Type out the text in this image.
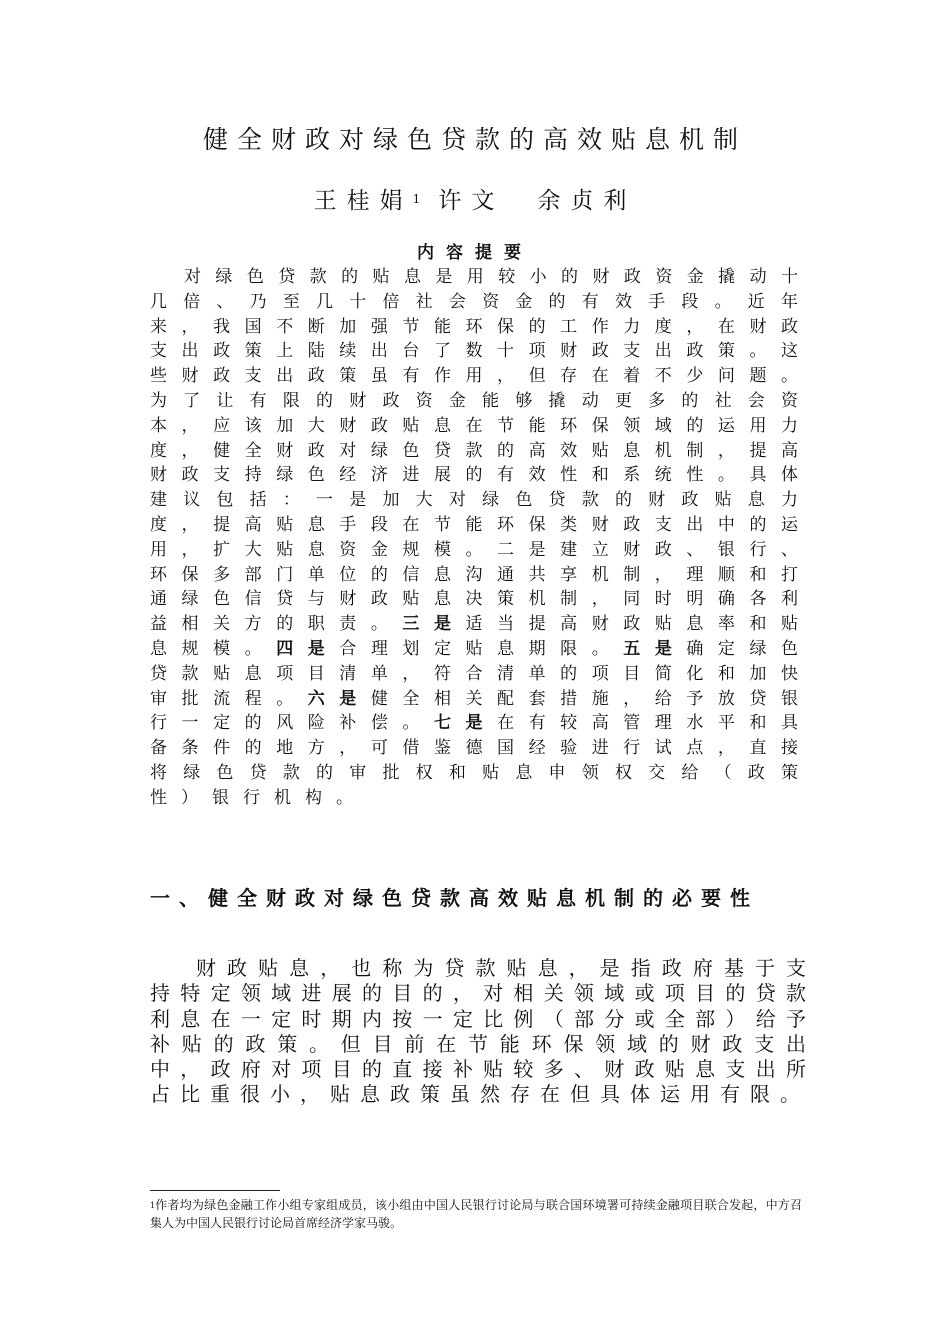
健全财政对绿色贷款的高效贴息机制
王桂娟$^1$ 许文　余贞利
内容提要

对绿色贷款的贴息是用较小的财政资金撬动十几倍、乃至几十倍社会资金的有效手段。近年来，我国不断加强节能环保的工作力度，在财政支出政策上陆续出台了数十项财政支出政策。这些财政支出政策虽有作用，但存在着不少问题。为了让有限的财政资金能够撬动更多的社会资本，应该加大财政贴息在节能环保领域的运用力度，健全财政对绿色贷款的高效贴息机制，提高财政支持绿色经济进展的有效性和系统性。具体建议包括：一是加大对绿色贷款的财政贴息力度，提高贴息手段在节能环保类财政支出中的运用，扩大贴息资金规模。二是建立财政、银行、环保多部门单位的信息沟通共享机制，理顺和打通绿色信贷与财政贴息决策机制，同时明确各利益相关方的职责。三是适当提高财政贴息率和贴息规模。四是合理划定贴息期限。五是确定绿色贷款贴息项目清单，符合清单的项目简化和加快审批流程。六是健全相关配套措施，给予放贷银行一定的风险补偿。七是在有较高管理水平和具备条件的地方，可借鉴德国经验进行试点，直接将绿色贷款的审批权和贴息申领权交给（政策性）银行机构。

一、健全财政对绿色贷款高效贴息机制的必要性

财政贴息，也称为贷款贴息，是指政府基于支持特定领域进展的目的，对相关领域或项目的贷款利息在一定时期内按一定比例（部分或全部）给予补贴的政策。但目前在节能环保领域的财政支出中，政府对项目的直接补贴较多、财政贴息支出所占比重很小，贴息政策虽然存在但具体运用有限。

$^1$作者均为绿色金融工作小组专家组成员，该小组由中国人民银行讨论局与联合国环境署可持续金融项目联合发起，中方召集人为中国人民银行讨论局首席经济学家马骏。
